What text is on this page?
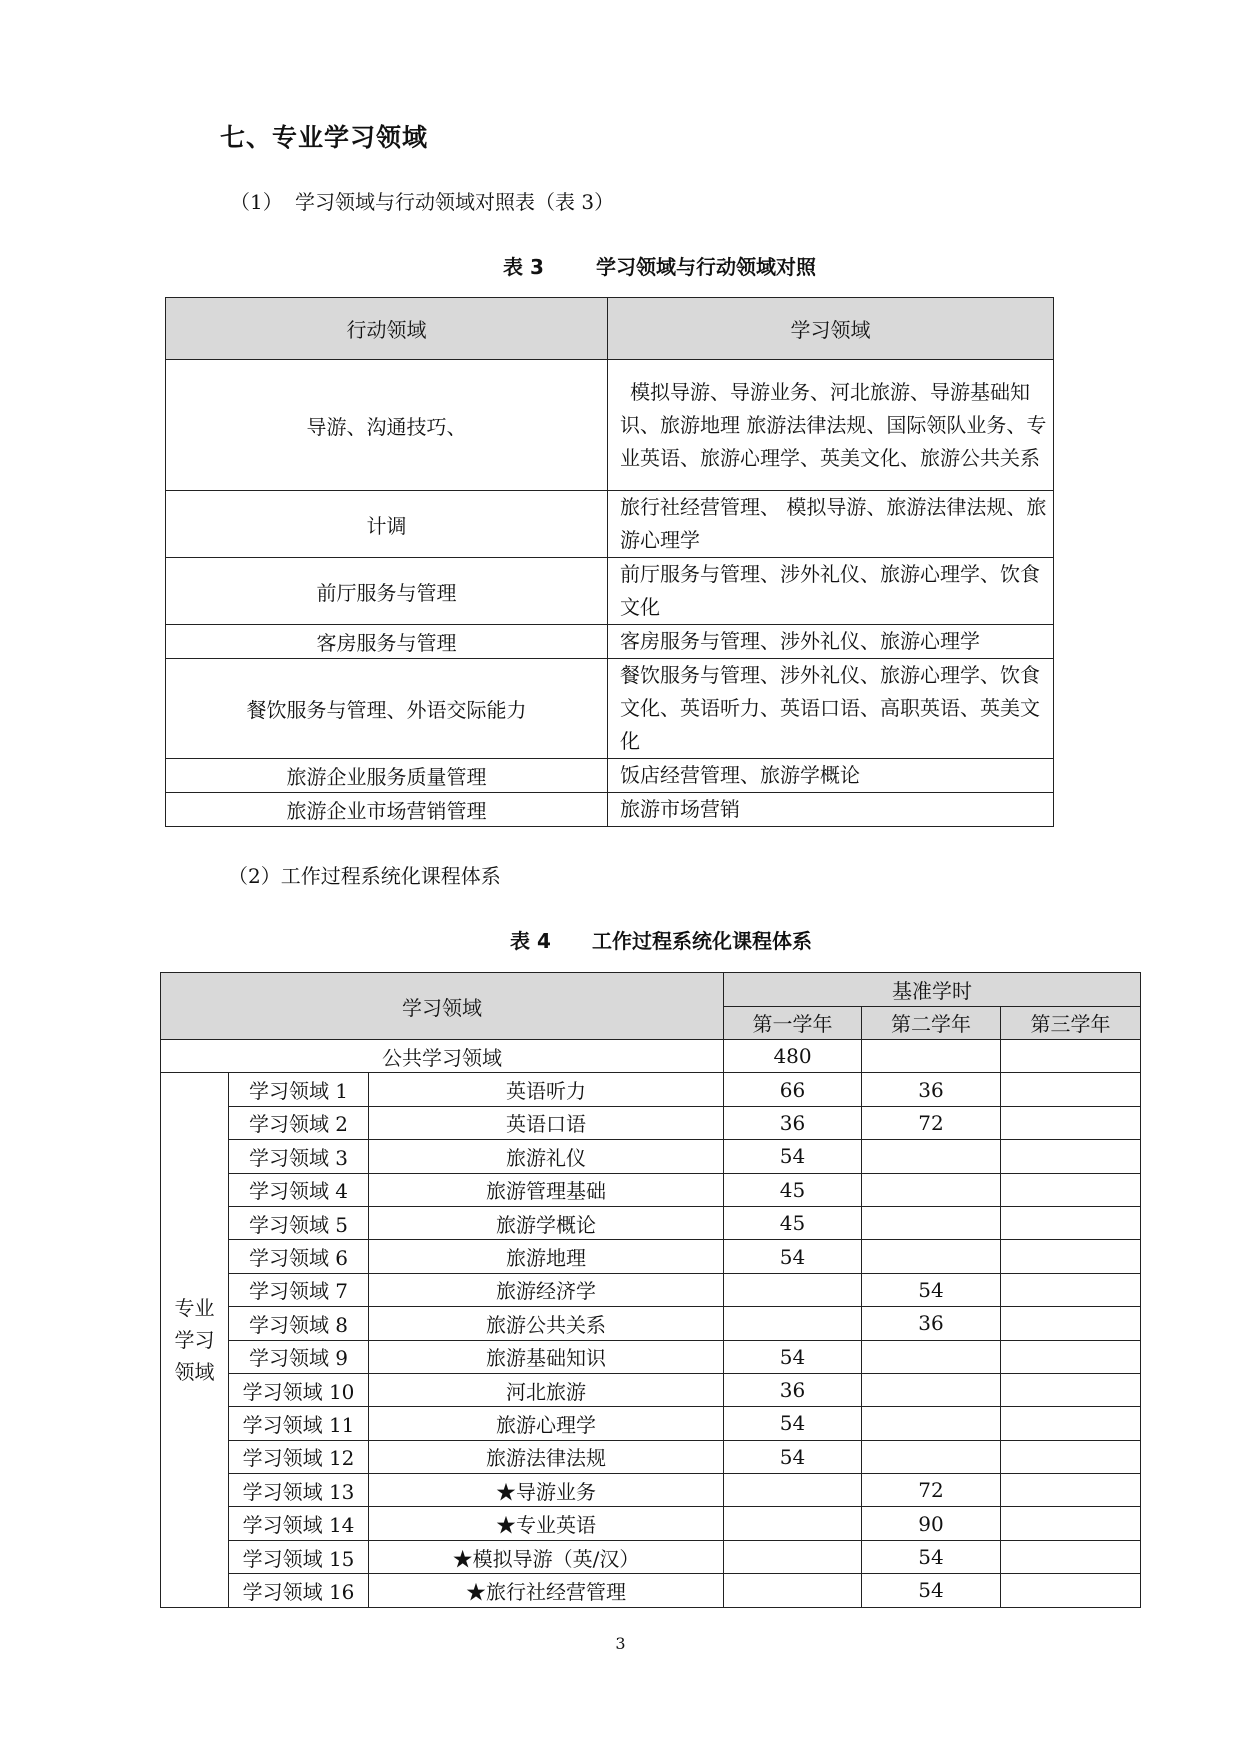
七、专业学习领域
（1） 学习领域与行动领域对照表（表 3）
表 3	学习领域与行动领域对照
行动领域	学习领域
导游、沟通技巧、	模拟导游、导游业务、河北旅游、导游基础知识、旅游地理 旅游法律法规、国际领队业务、专业英语、旅游心理学、英美文化、旅游公共关系
计调	旅行社经营管理、 模拟导游、旅游法律法规、旅游心理学
前厅服务与管理	前厅服务与管理、涉外礼仪、旅游心理学、饮食文化
客房服务与管理	客房服务与管理、涉外礼仪、旅游心理学
餐饮服务与管理、外语交际能力	餐饮服务与管理、涉外礼仪、旅游心理学、饮食文化、英语听力、英语口语、高职英语、英美文化
旅游企业服务质量管理	饭店经营管理、旅游学概论
旅游企业市场营销管理	旅游市场营销
（2）工作过程系统化课程体系
表 4 工作过程系统化课程体系
学习领域			基准学时		
			第一学年	第二学年	第三学年
公共学习领域			480		

专业
学习
领域	学习领域 1	英语听力	66	36	
	学习领域 2	英语口语	36	72	
	学习领域 3	旅游礼仪	54		
	学习领域 4	旅游管理基础	45		
	学习领域 5	旅游学概论	45		
	学习领域 6	旅游地理	54		
	学习领域 7	旅游经济学		54	
	学习领域 8	旅游公共关系		36	
	学习领域 9	旅游基础知识	54		
	学习领域 10	河北旅游	36		
	学习领域 11	旅游心理学	54		
	学习领域 12	旅游法律法规	54		
	学习领域 13	★导游业务		72	
	学习领域 14	★专业英语		90	
	学习领域 15	★模拟导游（英/汉）		54	
	学习领域 16	★旅行社经营管理		54	
3
